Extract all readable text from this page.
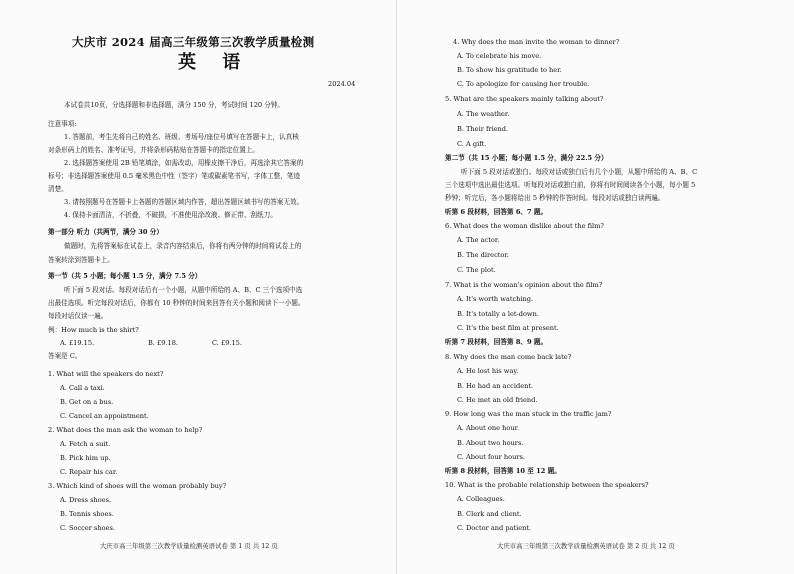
大庆市 2024 届高三年级第三次教学质量检测
英 语
2024.04
本试卷共10页，分选择题和非选择题，满分 150 分，考试时间 120 分钟。
注意事项:
1. 答题前，考生先将自己的姓名、班级、考场号/座位号填写在答题卡上，认真核
对条形码上的姓名、准考证号，并将条形码粘贴在答题卡的指定位置上。
2. 选择题答案使用 2B 铅笔填涂，如需改动，用橡皮擦干净后，再选涂其它答案的
标号；非选择题答案使用 0.5 毫米黑色中性（签字）笔或碳素笔书写，字体工整，笔迹
清楚。
3. 请按照题号在答题卡上各题的答题区域内作答，超出答题区域书写的答案无效。
4. 保持卡面清洁，不折叠，不破损，不准使用涂改液、修正带、刮纸刀。
第一部分 听力（共两节，满分 30 分）
做题时，先将答案标在试卷上，录音内容结束后，你将有两分钟的时间将试卷上的
答案转涂到答题卡上。
第一节（共 5 小题；每小题 1.5 分，满分 7.5 分）
听下面 5 段对话。每段对话后有一个小题，从题中所给的 A、B、C 三个选项中选
出最佳选项。听完每段对话后，你都有 10 秒钟的时间来回答有关小题和阅读下一小题。
每段对话仅读一遍。
例：How much is the shirt?
A. £19.15.	B. £9.18.	C. £9.15.
答案是 C。
1. What will the speakers do next?
A. Call a taxi.
B. Get on a bus.
C. Cancel an appointment.
2. What does the man ask the woman to help?
A. Fetch a suit.
B. Pick him up.
C. Repair his car.
3. Which kind of shoes will the woman probably buy?
A. Dress shoes.
B. Tennis shoes.
C. Soccer shoes.
大庆市高三年级第三次教学质量检测英语试卷 第 1 页 共 12 页
4. Why does the man invite the woman to dinner?
A. To celebrate his move.
B. To show his gratitude to her.
C. To apologize for causing her trouble.
5. What are the speakers mainly talking about?
A. The weather.
B. Their friend.
C. A gift.
第二节（共 15 小题；每小题 1.5 分，满分 22.5 分）
听下面 5 段对话或独白。每段对话或独白后有几个小题，从题中所给的 A、B、C
三个选项中选出最佳选项。听每段对话或独白前，你将有时间阅读各个小题，每小题 5
秒钟；听完后，各小题将给出 5 秒钟的作答时间。每段对话或独白读两遍。
听第 6 段材料，回答第 6、7 题。
6. What does the woman dislike about the film?
A. The actor.
B. The director.
C. The plot.
7. What is the woman's opinion about the film?
A. It's worth watching.
B. It's totally a let-down.
C. It's the best film at present.
听第 7 段材料，回答第 8、9 题。
8. Why does the man come back late?
A. He lost his way.
B. He had an accident.
C. He met an old friend.
9. How long was the man stuck in the traffic jam?
A. About one hour.
B. About two hours.
C. About four hours.
听第 8 段材料，回答第 10 至 12 题。
10. What is the probable relationship between the speakers?
A. Colleagues.
B. Clerk and client.
C. Doctor and patient.
大庆市高三年级第三次教学质量检测英语试卷 第 2 页 共 12 页
